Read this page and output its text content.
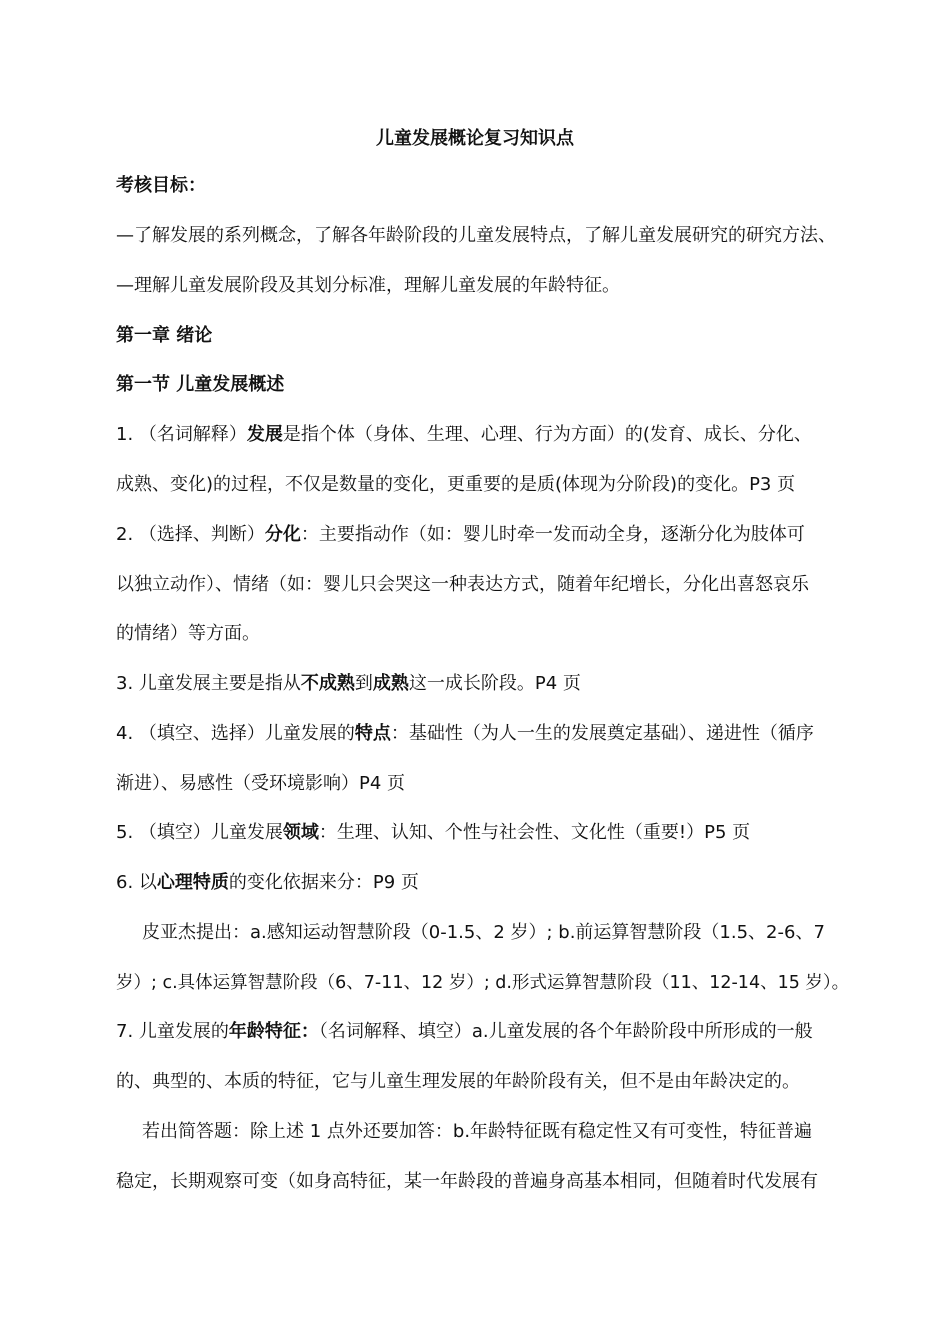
儿童发展概论复习知识点
考核目标：
—了解发展的系列概念，了解各年龄阶段的儿童发展特点，了解儿童发展研究的研究方法、
—理解儿童发展阶段及其划分标准，理解儿童发展的年龄特征。
第一章 绪论
第一节 儿童发展概述
1. （名词解释）发展是指个体（身体、生理、心理、行为方面）的(发育、成长、分化、
成熟、变化)的过程，不仅是数量的变化，更重要的是质(体现为分阶段)的变化。P3 页
2. （选择、判断）分化：主要指动作（如：婴儿时牵一发而动全身，逐渐分化为肢体可
以独立动作）、情绪（如：婴儿只会哭这一种表达方式，随着年纪增长，分化出喜怒哀乐
的情绪）等方面。
3. 儿童发展主要是指从不成熟到成熟这一成长阶段。P4 页
4. （填空、选择）儿童发展的特点：基础性（为人一生的发展奠定基础）、递进性（循序
渐进）、易感性（受环境影响）P4 页
5. （填空）儿童发展领域：生理、认知、个性与社会性、文化性（重要!）P5 页
6. 以心理特质的变化依据来分：P9 页
皮亚杰提出：a.感知运动智慧阶段（0-1.5、2 岁）; b.前运算智慧阶段（1.5、2-6、7
岁）; c.具体运算智慧阶段（6、7-11、12 岁）; d.形式运算智慧阶段（11、12-14、15 岁）。
7. 儿童发展的年龄特征：（名词解释、填空）a.儿童发展的各个年龄阶段中所形成的一般
的、典型的、本质的特征，它与儿童生理发展的年龄阶段有关，但不是由年龄决定的。
若出简答题：除上述 1 点外还要加答：b.年龄特征既有稳定性又有可变性，特征普遍
稳定，长期观察可变（如身高特征，某一年龄段的普遍身高基本相同，但随着时代发展有
